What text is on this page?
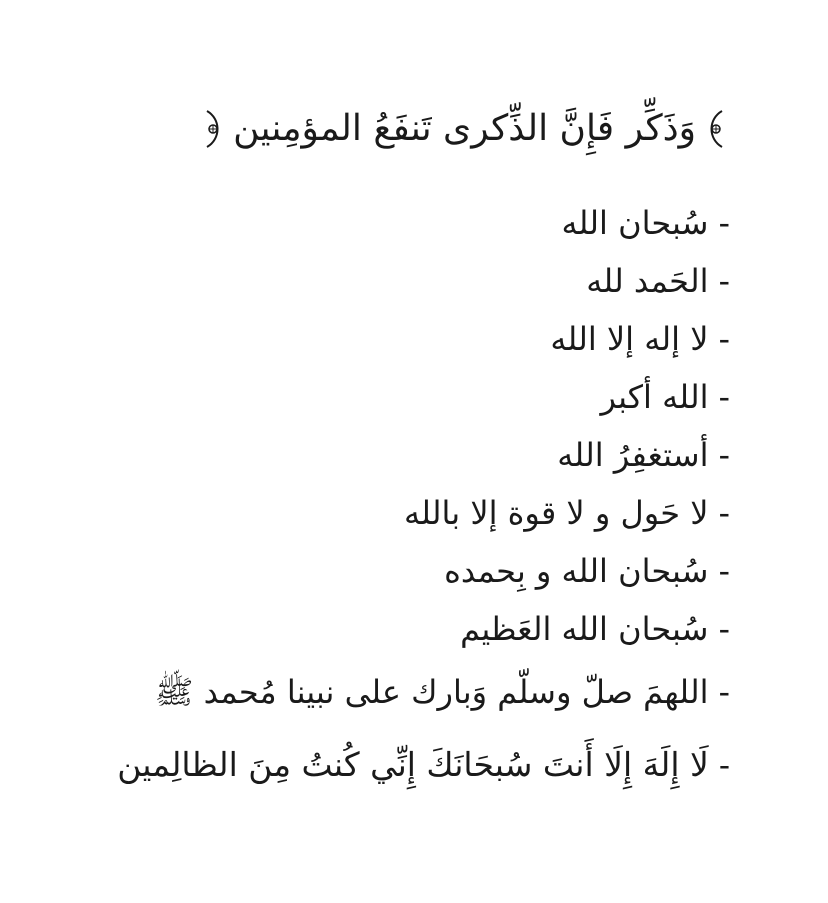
وَذَكِّر فَإِنَّ الذِّكرى تَنفَعُ المؤمِنين
-سُبحان الله
-الحَمد لله
-لا إله إلا الله
-الله أكبر
-أستغفِرُ الله
-لا حَول و لا قوة إلا بالله
-سُبحان الله و بِحمده
-سُبحان الله العَظيم
-اللهمَ صلّ وسلّم وَبارك على نبينا مُحمد ﷺ
-لَا إِلَهَ إِلَا أَنتَ سُبحَانَكَ إِنِّي كُنتُ مِنَ الظالِمين
